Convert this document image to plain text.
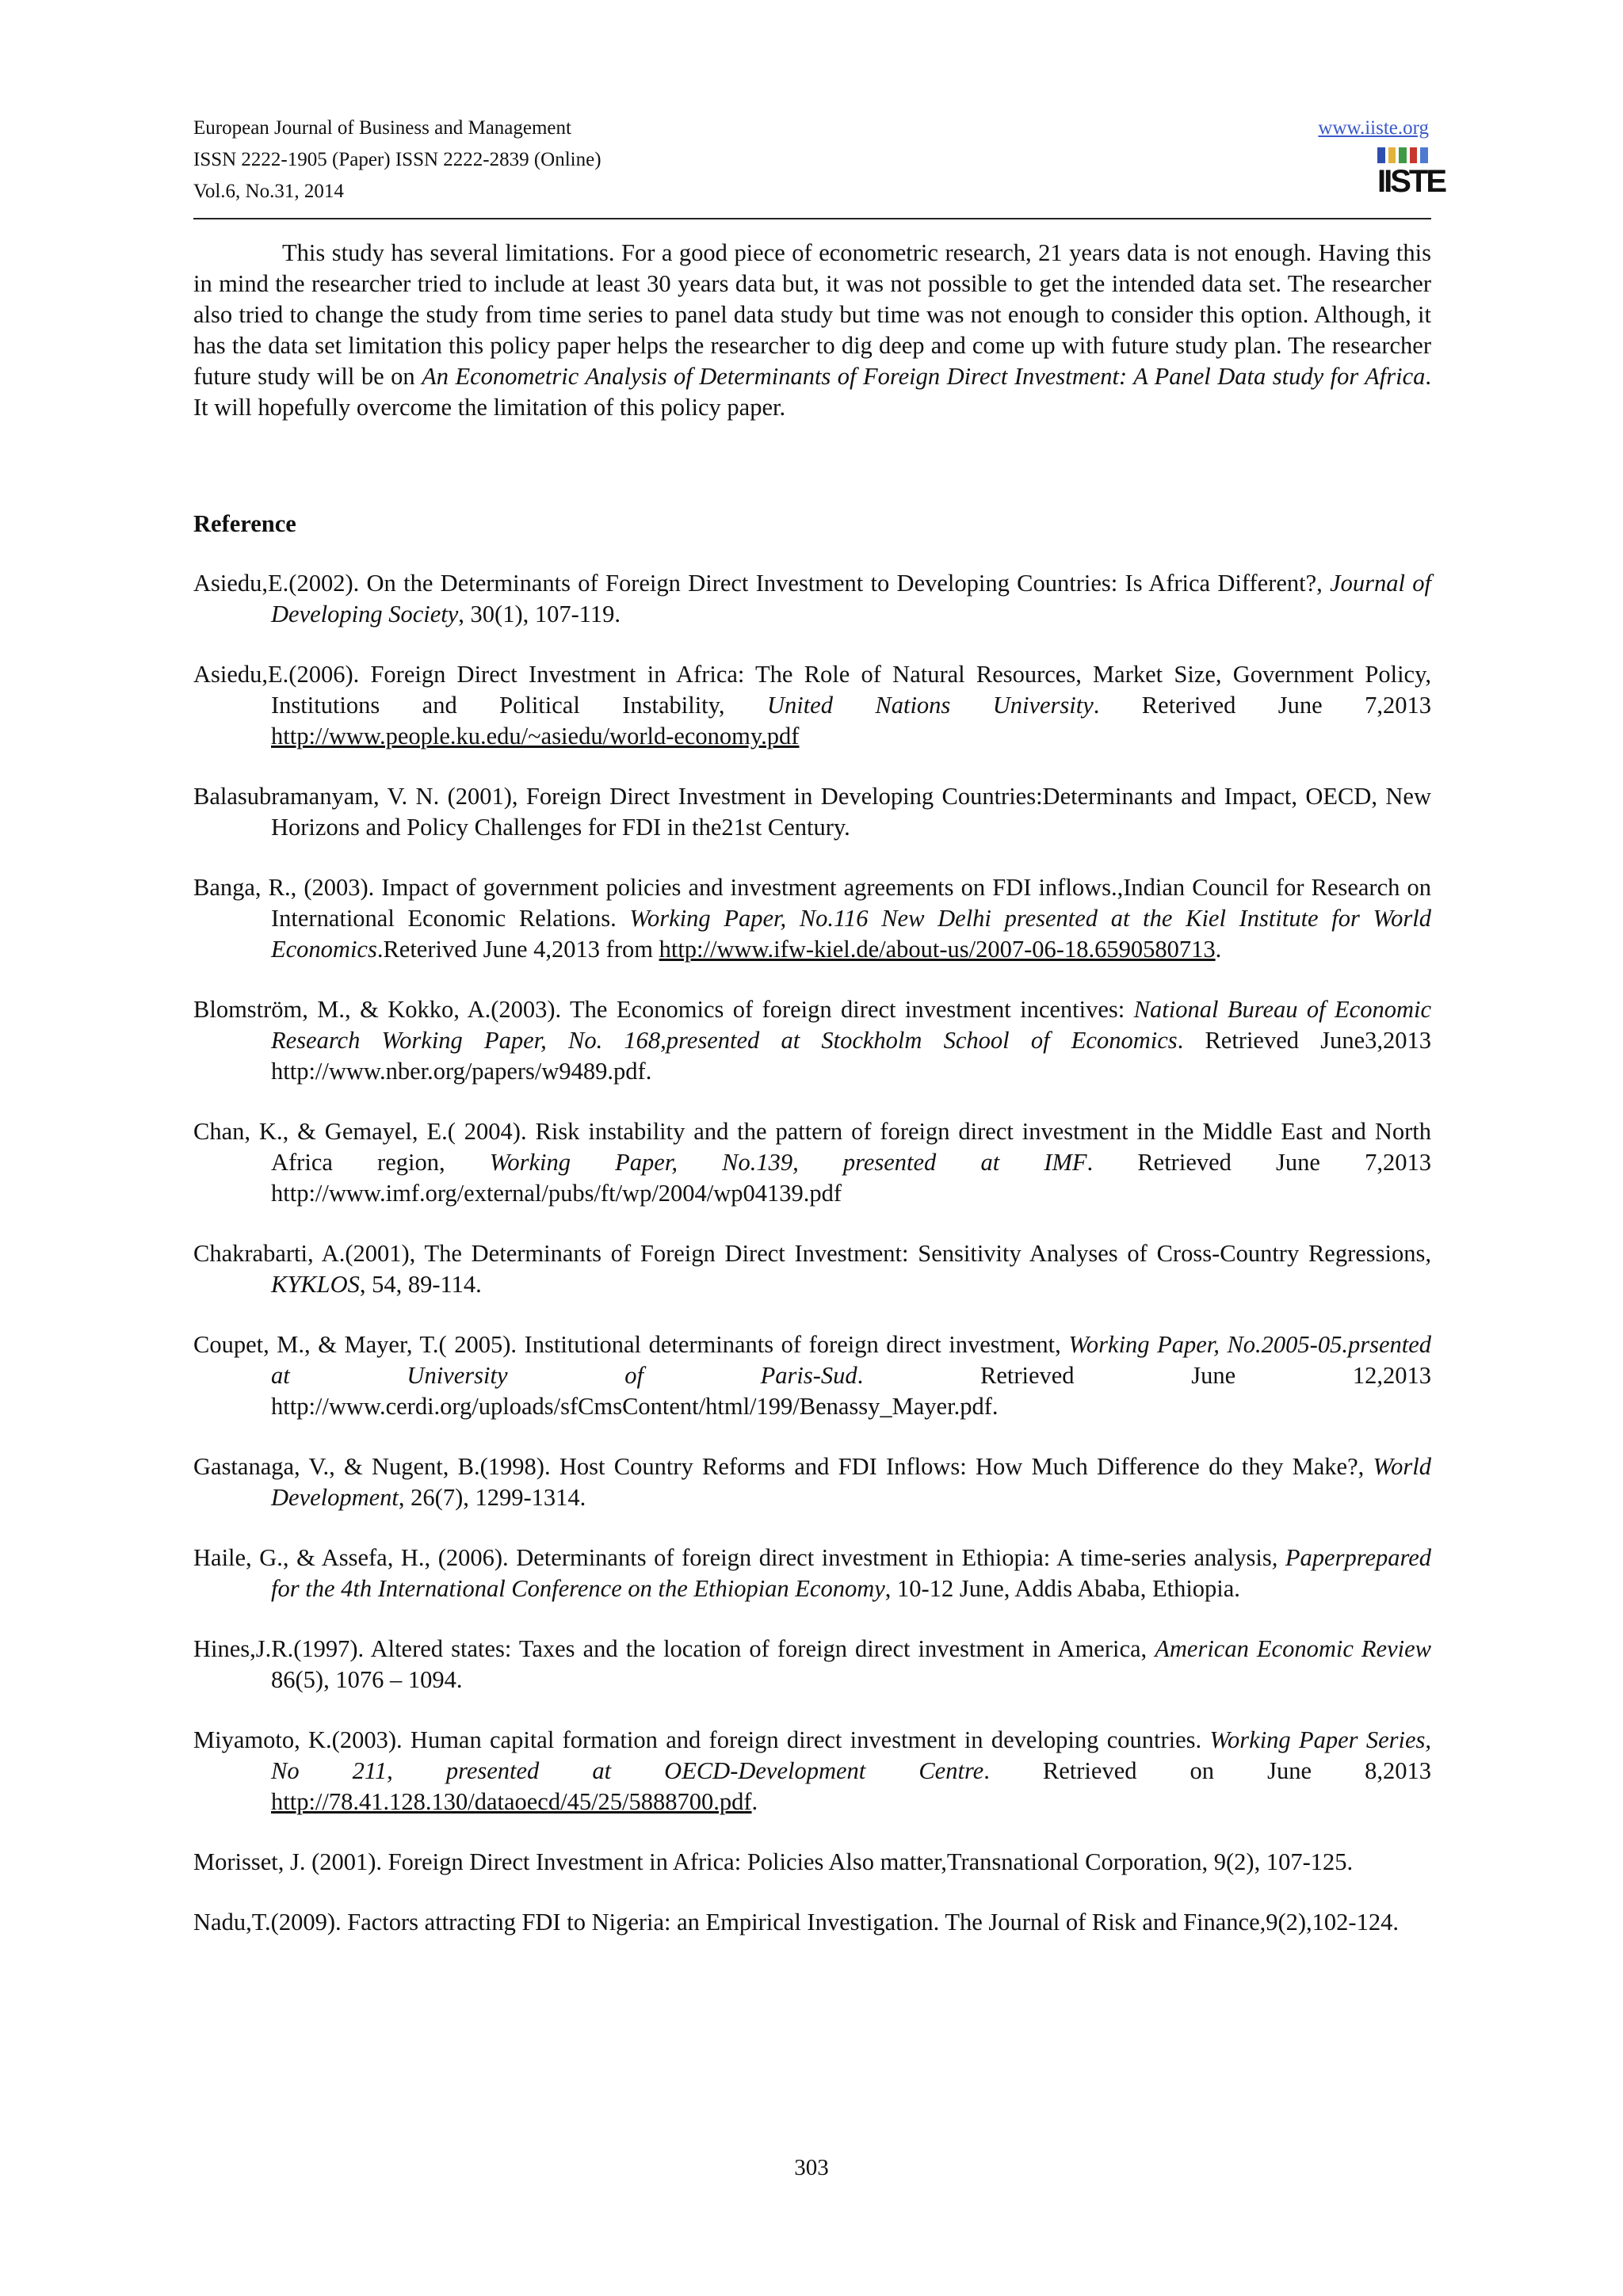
European Journal of Business and Management
ISSN 2222-1905 (Paper) ISSN 2222-2839 (Online)
Vol.6, No.31, 2014
www.iiste.org
IISTE

This study has several limitations. For a good piece of econometric research, 21 years data is not enough. Having this in mind the researcher tried to include at least 30 years data but, it was not possible to get the intended data set. The researcher also tried to change the study from time series to panel data study but time was not enough to consider this option. Although, it has the data set limitation this policy paper helps the researcher to dig deep and come up with future study plan. The researcher future study will be on An Econometric Analysis of Determinants of Foreign Direct Investment: A Panel Data study for Africa. It will hopefully overcome the limitation of this policy paper.

Reference

Asiedu,E.(2002). On the Determinants of Foreign Direct Investment to Developing Countries: Is Africa Different?, Journal of Developing Society, 30(1), 107-119.

Asiedu,E.(2006). Foreign Direct Investment in Africa: The Role of Natural Resources, Market Size, Government Policy, Institutions and Political Instability, United Nations University. Reterived June 7,2013 http://www.people.ku.edu/~asiedu/world-economy.pdf

Balasubramanyam, V. N. (2001), Foreign Direct Investment in Developing Countries:Determinants and Impact, OECD, New Horizons and Policy Challenges for FDI in the21st Century.

Banga, R., (2003). Impact of government policies and investment agreements on FDI inflows.,Indian Council for Research on International Economic Relations. Working Paper, No.116 New Delhi presented at the Kiel Institute for World Economics.Reterived June 4,2013 from http://www.ifw-kiel.de/about-us/2007-06-18.6590580713.

Blomström, M., & Kokko, A.(2003). The Economics of foreign direct investment incentives: National Bureau of Economic Research Working Paper, No. 168,presented at Stockholm School of Economics. Retrieved June3,2013 http://www.nber.org/papers/w9489.pdf.

Chan, K., & Gemayel, E.( 2004). Risk instability and the pattern of foreign direct investment in the Middle East and North Africa region, Working Paper, No.139, presented at IMF. Retrieved June 7,2013 http://www.imf.org/external/pubs/ft/wp/2004/wp04139.pdf

Chakrabarti, A.(2001), The Determinants of Foreign Direct Investment: Sensitivity Analyses of Cross-Country Regressions, KYKLOS, 54, 89-114.

Coupet, M., & Mayer, T.( 2005). Institutional determinants of foreign direct investment, Working Paper, No.2005-05.prsented at University of Paris-Sud. Retrieved June 12,2013 http://www.cerdi.org/uploads/sfCmsContent/html/199/Benassy_Mayer.pdf.

Gastanaga, V., & Nugent, B.(1998). Host Country Reforms and FDI Inflows: How Much Difference do they Make?, World Development, 26(7), 1299-1314.

Haile, G., & Assefa, H., (2006). Determinants of foreign direct investment in Ethiopia: A time-series analysis, Paperprepared for the 4th International Conference on the Ethiopian Economy, 10-12 June, Addis Ababa, Ethiopia.

Hines,J.R.(1997). Altered states: Taxes and the location of foreign direct investment in America, American Economic Review 86(5), 1076 – 1094.

Miyamoto, K.(2003). Human capital formation and foreign direct investment in developing countries. Working Paper Series, No 211, presented at OECD-Development Centre. Retrieved on June 8,2013 http://78.41.128.130/dataoecd/45/25/5888700.pdf.

Morisset, J. (2001). Foreign Direct Investment in Africa: Policies Also matter,Transnational Corporation, 9(2), 107-125.

Nadu,T.(2009). Factors attracting FDI to Nigeria: an Empirical Investigation. The Journal of Risk and Finance,9(2),102-124.

303
